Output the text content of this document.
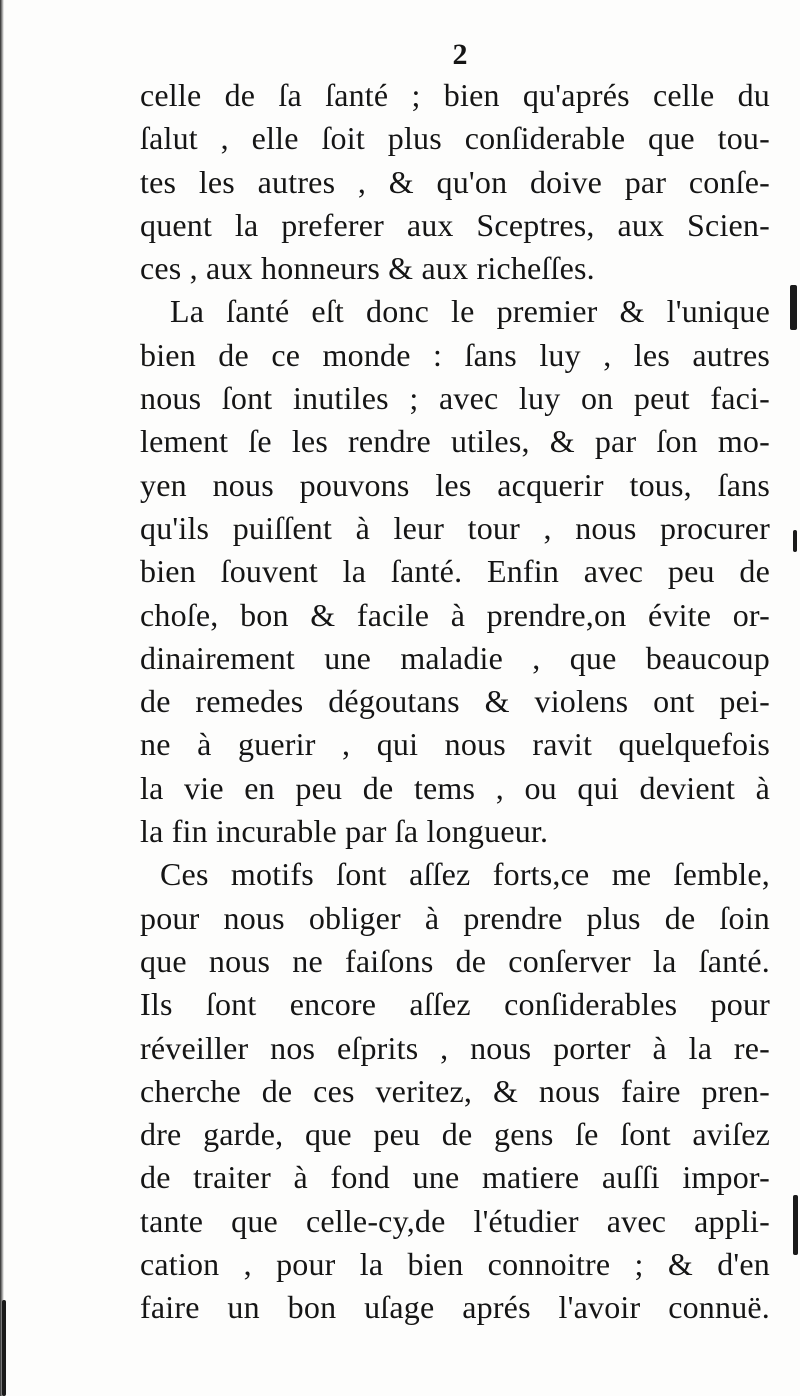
2
celle de ſa ſanté ; bien qu'aprés celle du
ſalut , elle ſoit plus conſiderable que tou-
tes les autres , & qu'on doive par conſe-
quent la preferer aux Sceptres, aux Scien-
ces , aux honneurs & aux richeſſes.
La ſanté eſt donc le premier & l'unique
bien de ce monde : ſans luy , les autres
nous ſont inutiles ; avec luy on peut faci-
lement ſe les rendre utiles, & par ſon mo-
yen nous pouvons les acquerir tous, ſans
qu'ils puiſſent à leur tour , nous procurer
bien ſouvent la ſanté. Enfin avec peu de
choſe, bon & facile à prendre,on évite or-
dinairement une maladie , que beaucoup
de remedes dégoutans & violens ont pei-
ne à guerir , qui nous ravit quelquefois
la vie en peu de tems , ou qui devient à
la fin incurable par ſa longueur.
Ces motifs ſont aſſez forts,ce me ſemble,
pour nous obliger à prendre plus de ſoin
que nous ne faiſons de conſerver la ſanté.
Ils ſont encore aſſez conſiderables pour
réveiller nos eſprits , nous porter à la re-
cherche de ces veritez, & nous faire pren-
dre garde, que peu de gens ſe ſont aviſez
de traiter à fond une matiere auſſi impor-
tante que celle-cy,de l'étudier avec appli-
cation , pour la bien connoitre ; & d'en
faire un bon uſage aprés l'avoir connuë.
